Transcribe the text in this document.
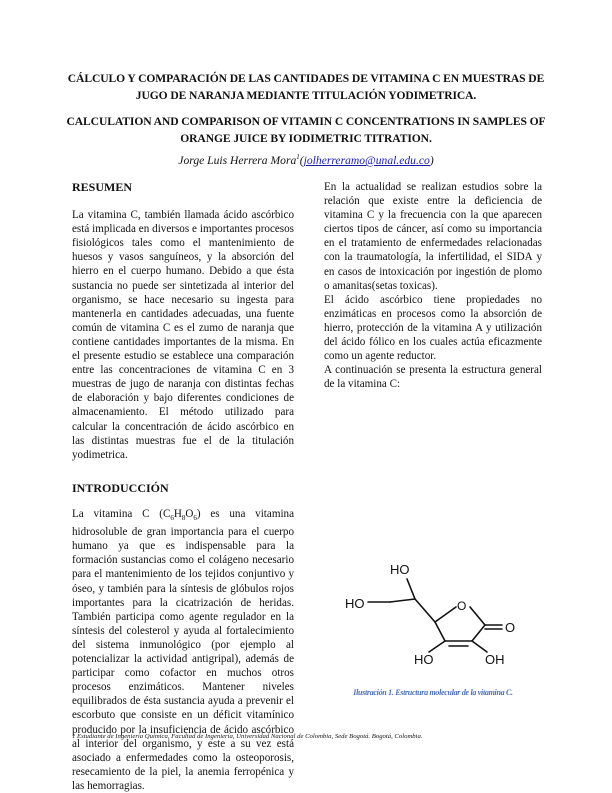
CÁLCULO Y COMPARACIÓN DE LAS CANTIDADES DE VITAMINA C EN MUESTRAS DE JUGO DE NARANJA MEDIANTE TITULACIÓN YODIMETRICA.
CALCULATION AND COMPARISON OF VITAMIN C CONCENTRATIONS IN SAMPLES OF ORANGE JUICE BY IODIMETRIC TITRATION.
Jorge Luis Herrera Mora$^1$(jolherreramo@unal.edu.co)

RESUMEN

La vitamina C, también llamada ácido ascórbico está implicada en diversos e importantes procesos fisiológicos tales como el mantenimiento de huesos y vasos sanguíneos, y la absorción del hierro en el cuerpo humano. Debido a que ésta sustancia no puede ser sintetizada al interior del organismo, se hace necesario su ingesta para mantenerla en cantidades adecuadas, una fuente común de vitamina C es el zumo de naranja que contiene cantidades importantes de la misma. En el presente estudio se establece una comparación entre las concentraciones de vitamina C en 3 muestras de jugo de naranja con distintas fechas de elaboración y bajo diferentes condiciones de almacenamiento. El método utilizado para calcular la concentración de ácido ascórbico en las distintas muestras fue el de la titulación yodimetrica.

INTRODUCCIÓN

La vitamina C $(C_6H_8O_6)$ es una vitamina hidrosoluble de gran importancia para el cuerpo humano ya que es indispensable para la formación sustancias como el colágeno necesario para el mantenimiento de los tejidos conjuntivo y óseo, y también para la síntesis de glóbulos rojos importantes para la cicatrización de heridas. También participa como agente regulador en la síntesis del colesterol y ayuda al fortalecimiento del sistema inmunológico (por ejemplo al potencializar la actividad antigripal), además de participar como cofactor en muchos otros procesos enzimáticos. Mantener niveles equilibrados de ésta sustancia ayuda a prevenir el escorbuto que consiste en un déficit vitamínico producido por la insuficiencia de ácido ascórbico al interior del organismo, y este a su vez está asociado a enfermedades como la osteoporosis, resecamiento de la piel, la anemia ferropénica y las hemorragias.

En la actualidad se realizan estudios sobre la relación que existe entre la deficiencia de vitamina C y la frecuencia con la que aparecen ciertos tipos de cáncer, así como su importancia en el tratamiento de enfermedades relacionadas con la traumatología, la infertilidad, el SIDA y en casos de intoxicación por ingestión de plomo o amanitas(setas toxicas).

El ácido ascórbico tiene propiedades no enzimáticas en procesos como la absorción de hierro, protección de la vitamina A y utilización del ácido fólico en los cuales actúa eficazmente como un agente reductor.

A continuación se presenta la estructura general de la vitamina C:

O
HO
HO
O
HO	OH
Ilustración 1. Estructura molecular de la vitamina C.
1 Estudiante de Ingeniería Química, Facultad de Ingeniería, Universidad Nacional de Colombia, Sede Bogotá. Bogotá, Colombia.
